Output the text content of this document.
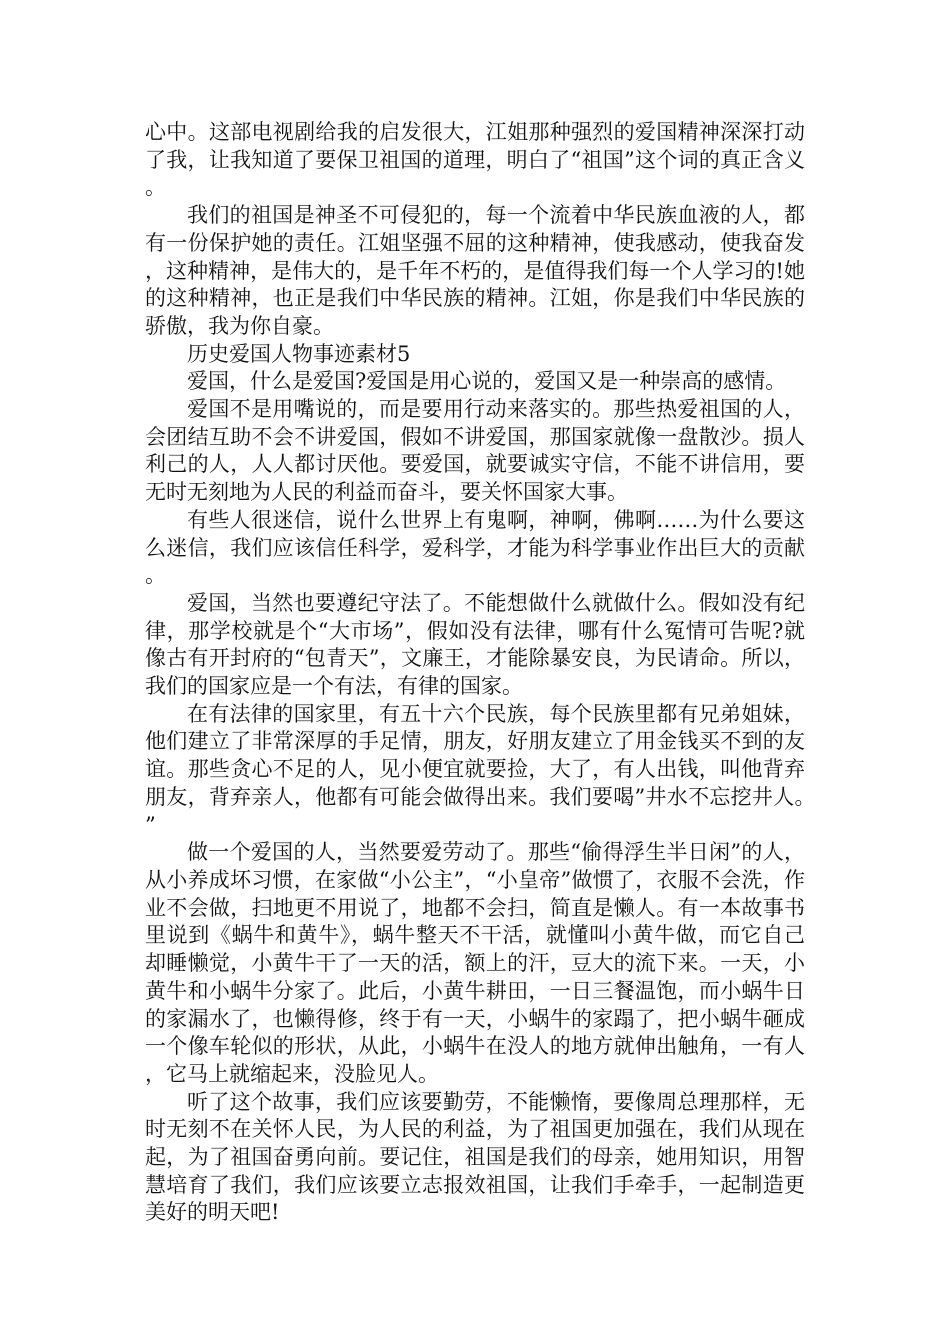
心中。这部电视剧给我的启发很大，江姐那种强烈的爱国精神深深打动了我，让我知道了要保卫祖国的道理，明白了“祖国”这个词的真正含义。

我们的祖国是神圣不可侵犯的，每一个流着中华民族血液的人，都有一份保护她的责任。江姐坚强不屈的这种精神，使我感动，使我奋发，这种精神，是伟大的，是千年不朽的，是值得我们每一个人学习的!她的这种精神，也正是我们中华民族的精神。江姐，你是我们中华民族的骄傲，我为你自豪。

历史爱国人物事迹素材5

爱国，什么是爱国?爱国是用心说的，爱国又是一种崇高的感情。

爱国不是用嘴说的，而是要用行动来落实的。那些热爱祖国的人，会团结互助不会不讲爱国，假如不讲爱国，那国家就像一盘散沙。损人利己的人，人人都讨厌他。要爱国，就要诚实守信，不能不讲信用，要无时无刻地为人民的利益而奋斗，要关怀国家大事。

有些人很迷信，说什么世界上有鬼啊，神啊，佛啊……为什么要这么迷信，我们应该信任科学，爱科学，才能为科学事业作出巨大的贡献。

爱国，当然也要遵纪守法了。不能想做什么就做什么。假如没有纪律，那学校就是个“大市场”，假如没有法律，哪有什么冤情可告呢?就像古有开封府的“包青天”，文廉王，才能除暴安良，为民请命。所以，我们的国家应是一个有法，有律的国家。

在有法律的国家里，有五十六个民族，每个民族里都有兄弟姐妹，他们建立了非常深厚的手足情，朋友，好朋友建立了用金钱买不到的友谊。那些贪心不足的人，见小便宜就要捡，大了，有人出钱，叫他背弃朋友，背弃亲人，他都有可能会做得出来。我们要喝”井水不忘挖井人。”

做一个爱国的人，当然要爱劳动了。那些“偷得浮生半日闲”的人，从小养成坏习惯，在家做“小公主”，“小皇帝”做惯了，衣服不会洗，作业不会做，扫地更不用说了，地都不会扫，简直是懒人。有一本故事书里说到《蜗牛和黄牛》，蜗牛整天不干活，就懂叫小黄牛做，而它自己却睡懒觉，小黄牛干了一天的活，额上的汗，豆大的流下来。一天，小黄牛和小蜗牛分家了。此后，小黄牛耕田，一日三餐温饱，而小蜗牛日的家漏水了，也懒得修，终于有一天，小蜗牛的家蹋了，把小蜗牛砸成一个像车轮似的形状，从此，小蜗牛在没人的地方就伸出触角，一有人，它马上就缩起来，没脸见人。

听了这个故事，我们应该要勤劳，不能懒惰，要像周总理那样，无时无刻不在关怀人民，为人民的利益，为了祖国更加强在，我们从现在起，为了祖国奋勇向前。要记住，祖国是我们的母亲，她用知识，用智慧培育了我们，我们应该要立志报效祖国，让我们手牵手，一起制造更美好的明天吧!
